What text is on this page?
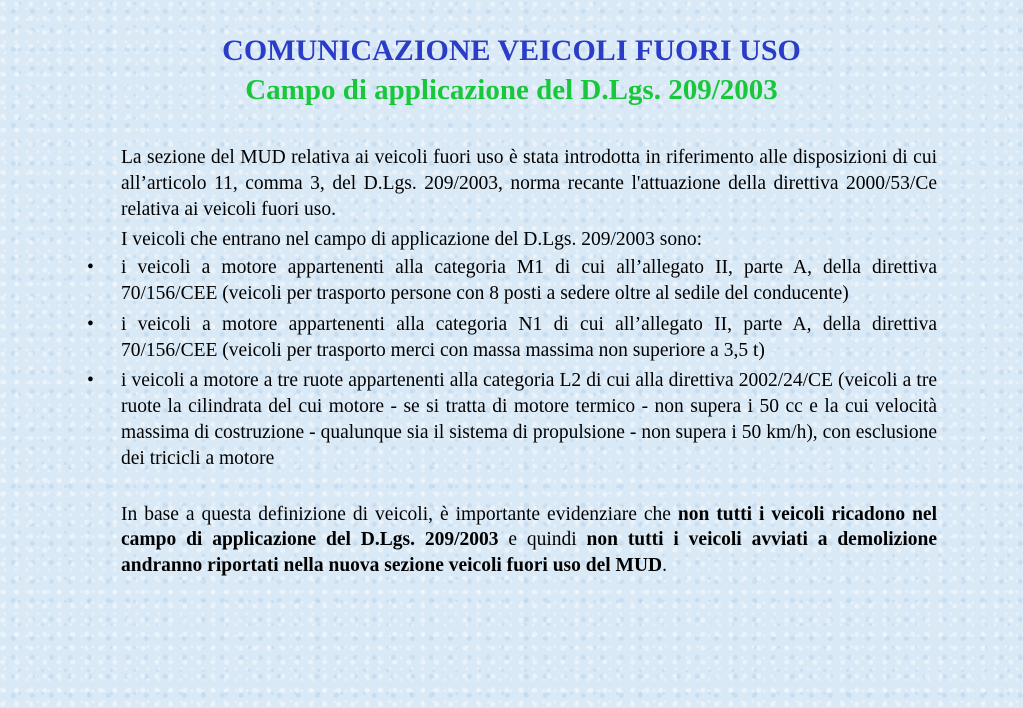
COMUNICAZIONE VEICOLI FUORI USO
Campo di applicazione del D.Lgs. 209/2003

La sezione del MUD relativa ai veicoli fuori uso è stata introdotta in riferimento alle disposizioni di cui all’articolo 11, comma 3, del D.Lgs. 209/2003, norma recante l'attuazione della direttiva 2000/53/Ce relativa ai veicoli fuori uso.

I veicoli che entrano nel campo di applicazione del D.Lgs. 209/2003 sono:

• i veicoli a motore appartenenti alla categoria M1 di cui all’allegato II, parte A, della direttiva 70/156/CEE (veicoli per trasporto persone con 8 posti a sedere oltre al sedile del conducente)
• i veicoli a motore appartenenti alla categoria N1 di cui all’allegato II, parte A, della direttiva 70/156/CEE (veicoli per trasporto merci con massa massima non superiore a 3,5 t)
• i veicoli a motore a tre ruote appartenenti alla categoria L2 di cui alla direttiva 2002/24/CE (veicoli a tre ruote la cilindrata del cui motore - se si tratta di motore termico - non supera i 50 cc e la cui velocità massima di costruzione - qualunque sia il sistema di propulsione - non supera i 50 km/h), con esclusione dei tricicli a motore

In base a questa definizione di veicoli, è importante evidenziare che non tutti i veicoli ricadono nel campo di applicazione del D.Lgs. 209/2003 e quindi non tutti i veicoli avviati a demolizione andranno riportati nella nuova sezione veicoli fuori uso del MUD.
